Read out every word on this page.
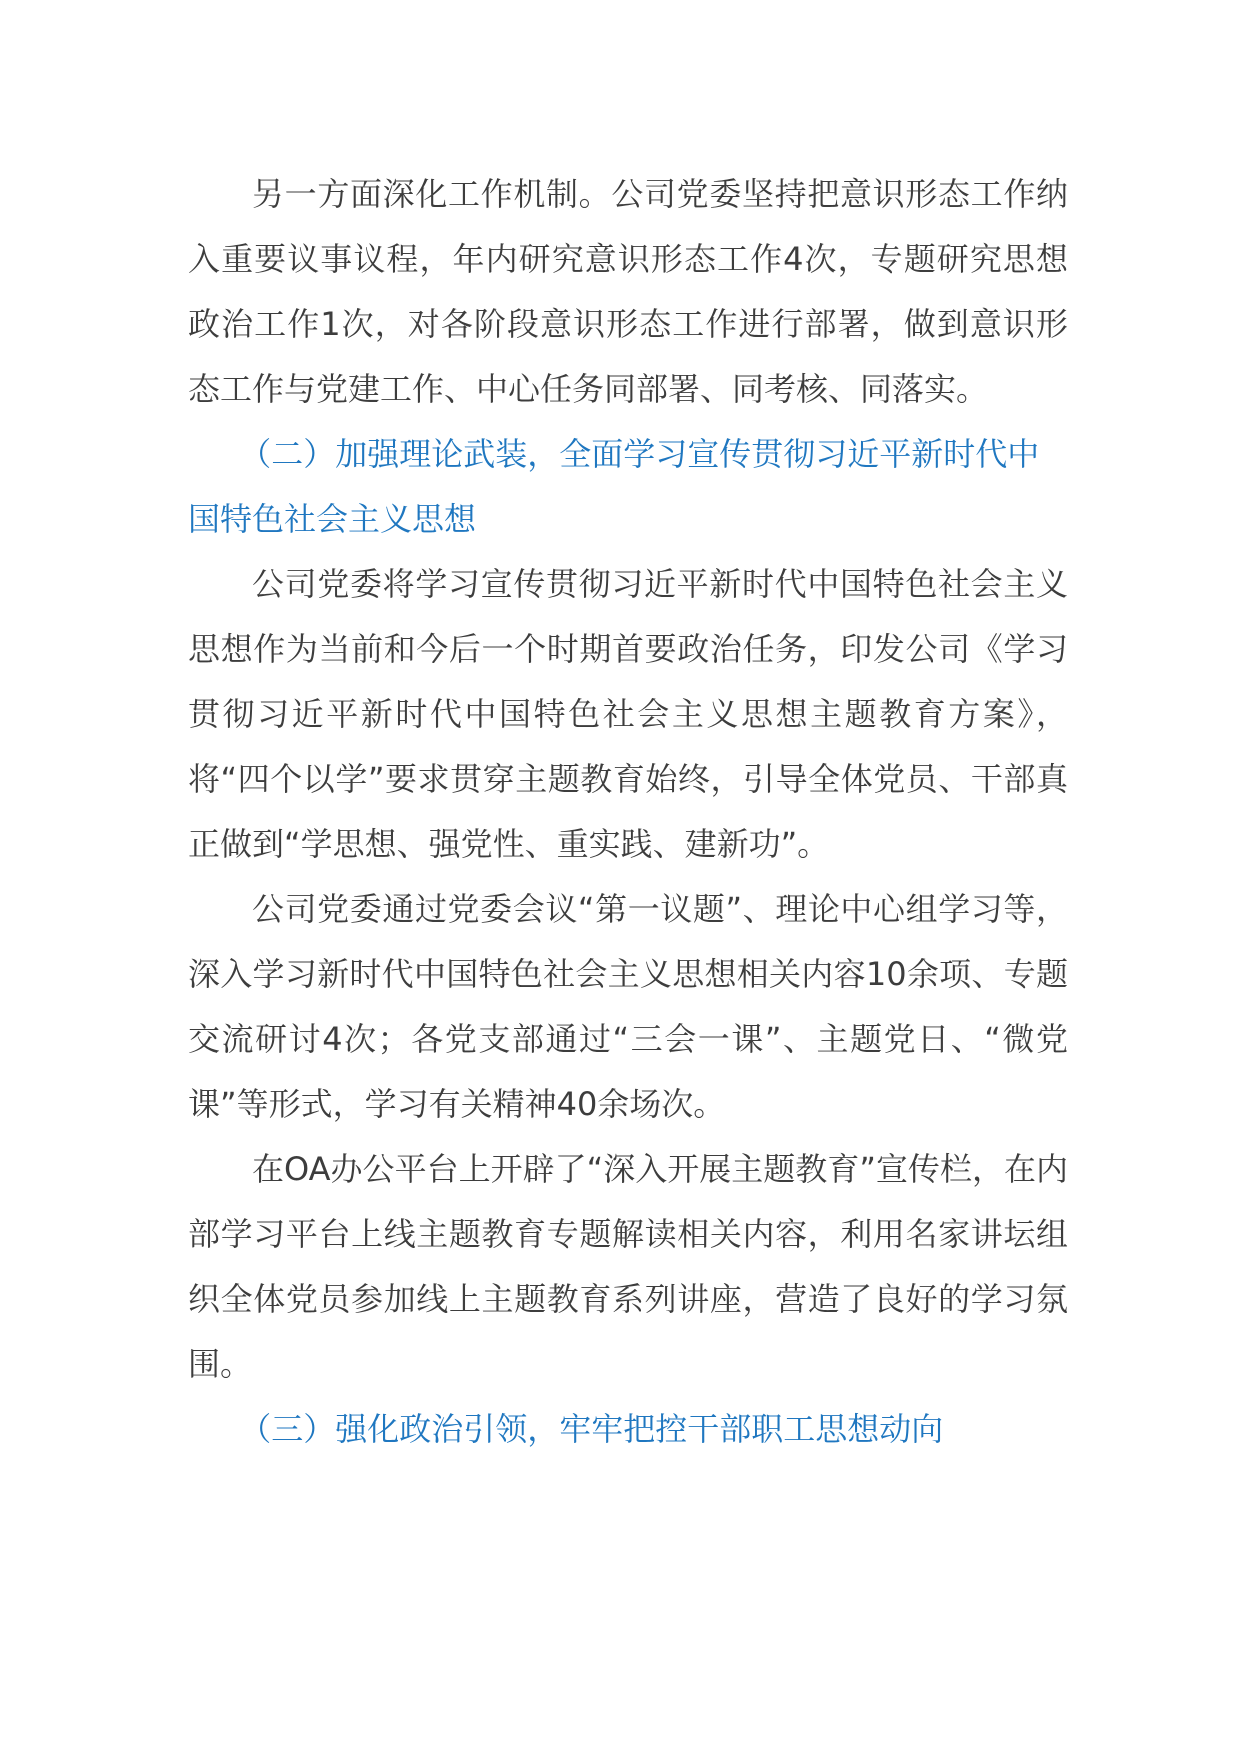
另一方面深化工作机制。公司党委坚持把意识形态工作纳入重要议事议程，年内研究意识形态工作4次，专题研究思想政治工作1次，对各阶段意识形态工作进行部署，做到意识形态工作与党建工作、中心任务同部署、同考核、同落实。

（二）加强理论武装，全面学习宣传贯彻习近平新时代中国特色社会主义思想

公司党委将学习宣传贯彻习近平新时代中国特色社会主义思想作为当前和今后一个时期首要政治任务，印发公司《学习贯彻习近平新时代中国特色社会主义思想主题教育方案》，将“四个以学”要求贯穿主题教育始终，引导全体党员、干部真正做到“学思想、强党性、重实践、建新功”。

公司党委通过党委会议“第一议题”、理论中心组学习等，深入学习新时代中国特色社会主义思想相关内容10余项、专题交流研讨4次；各党支部通过“三会一课”、主题党日、“微党课”等形式，学习有关精神40余场次。

在OA办公平台上开辟了“深入开展主题教育”宣传栏，在内部学习平台上线主题教育专题解读相关内容，利用名家讲坛组织全体党员参加线上主题教育系列讲座，营造了良好的学习氛围。

（三）强化政治引领，牢牢把控干部职工思想动向
